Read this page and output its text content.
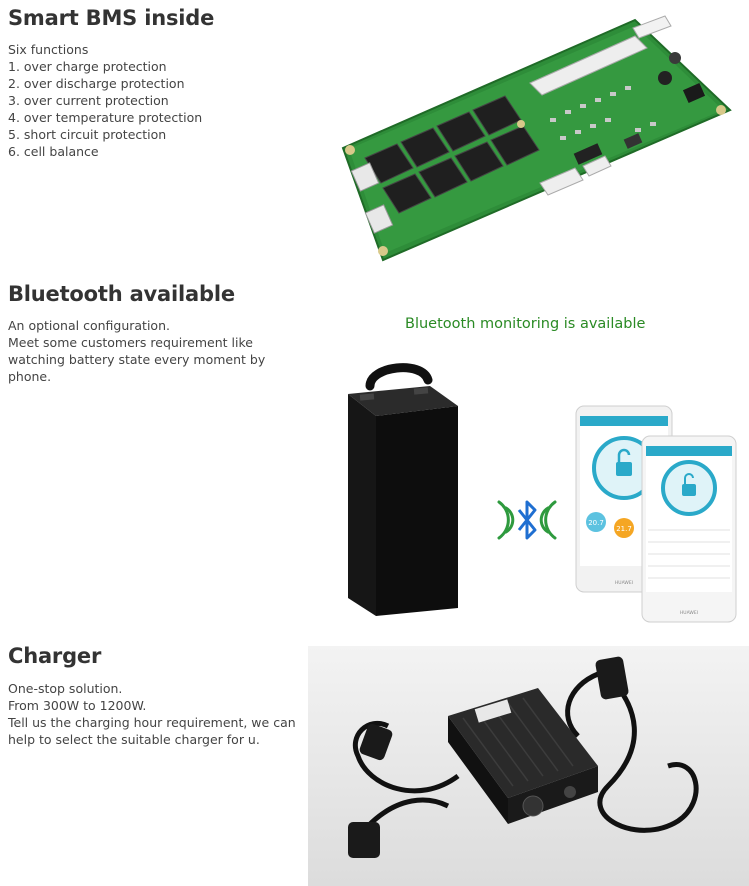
Smart BMS inside
Six functions
1. over charge protection
2. over discharge protection
3. over current protection
4. over temperature protection
5. short circuit protection
6. cell balance
Bluetooth available
An optional configuration.
Meet some customers requirement like
watching battery state every moment by
phone.
Bluetooth monitoring is available
20.7
21.7
HUAWEI
HUAWEI
Charger
One-stop solution.
From 300W to 1200W.
Tell us the charging hour requirement, we can
help to select the suitable charger for u.
